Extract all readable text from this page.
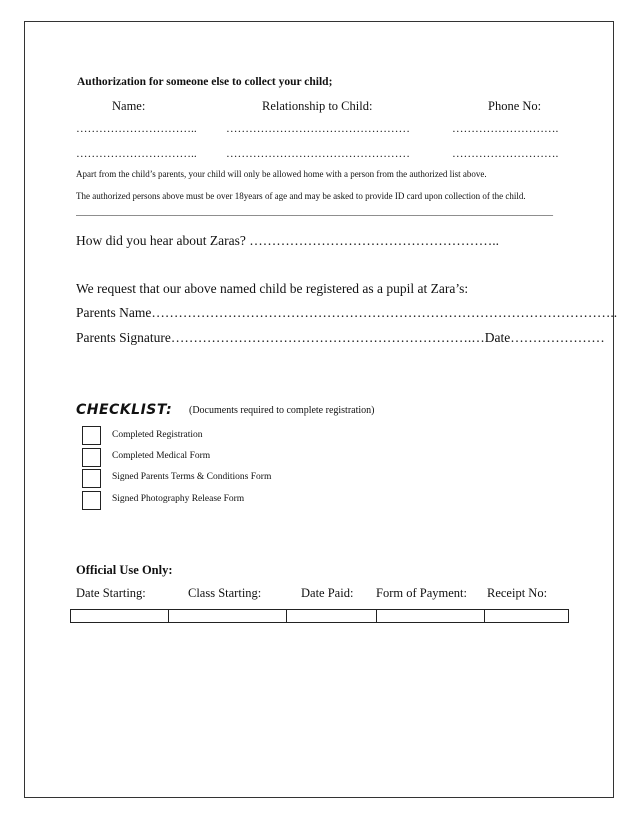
Authorization for someone else to collect your child;
Name:	Relationship to Child:	Phone No:
…………………………..	…………………………………………	……………………….
…………………………..	…………………………………………	……………………….
Apart from the child’s parents, your child will only be allowed home with a person from the authorized list above.
The authorized persons above must be over 18years of age and may be asked to provide ID card upon collection of the child.
__________________________________________________________________________________________________________
How did you hear about Zaras? ………………………………………………..
We request that our above named child be registered as a pupil at Zara’s:
Parents Name…………………………………………………………………………………………..
Parents Signature………………………………………………………….…Date…………………
CHECKLIST: (Documents required to complete registration)
Completed Registration
Completed Medical Form
Signed Parents Terms & Conditions Form
Signed Photography Release Form
Official Use Only:
Date Starting:	Class Starting:	Date Paid: Form of Payment: Receipt No:
